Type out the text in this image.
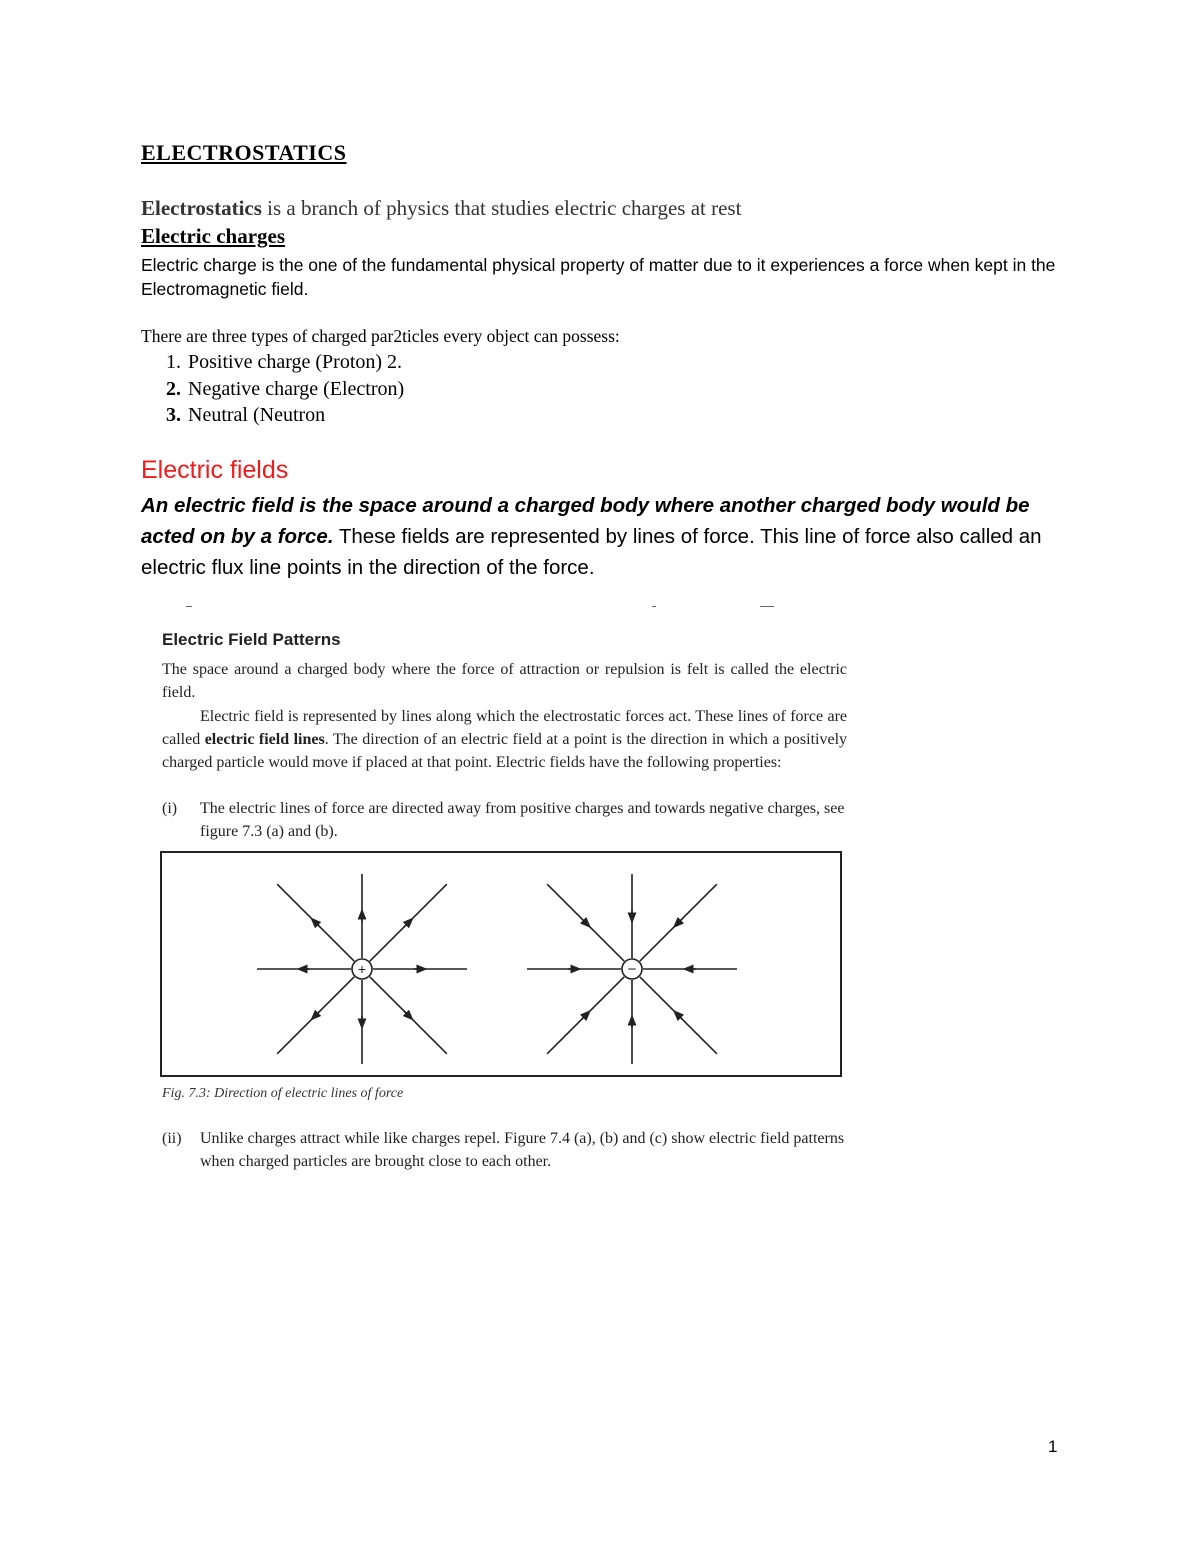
ELECTROSTATICS
Electrostatics is a branch of physics that studies electric charges at rest
Electric charges
Electric charge is the one of the fundamental physical property of matter due to it experiences a force when kept in the Electromagnetic field.
There are three types of charged par2ticles every object can possess:
1. Positive charge (Proton) 2.
2. Negative charge (Electron)
3. Neutral (Neutron
Electric fields
An electric field is the space around a charged body where another charged body would be acted on by a force. These fields are represented by lines of force. This line of force also called an electric flux line points in the direction of the force.
Electric Field Patterns
The space around a charged body where the force of attraction or repulsion is felt is called the electric field.
Electric field is represented by lines along which the electrostatic forces act. These lines of force are called electric field lines. The direction of an electric field at a point is the direction in which a positively charged particle would move if placed at that point. Electric fields have the following properties:
(i) The electric lines of force are directed away from positive charges and towards negative charges, see figure 7.3 (a) and (b).
+	−
Fig. 7.3: Direction of electric lines of force
(ii) Unlike charges attract while like charges repel. Figure 7.4 (a), (b) and (c) show electric field patterns when charged particles are brought close to each other.
1
